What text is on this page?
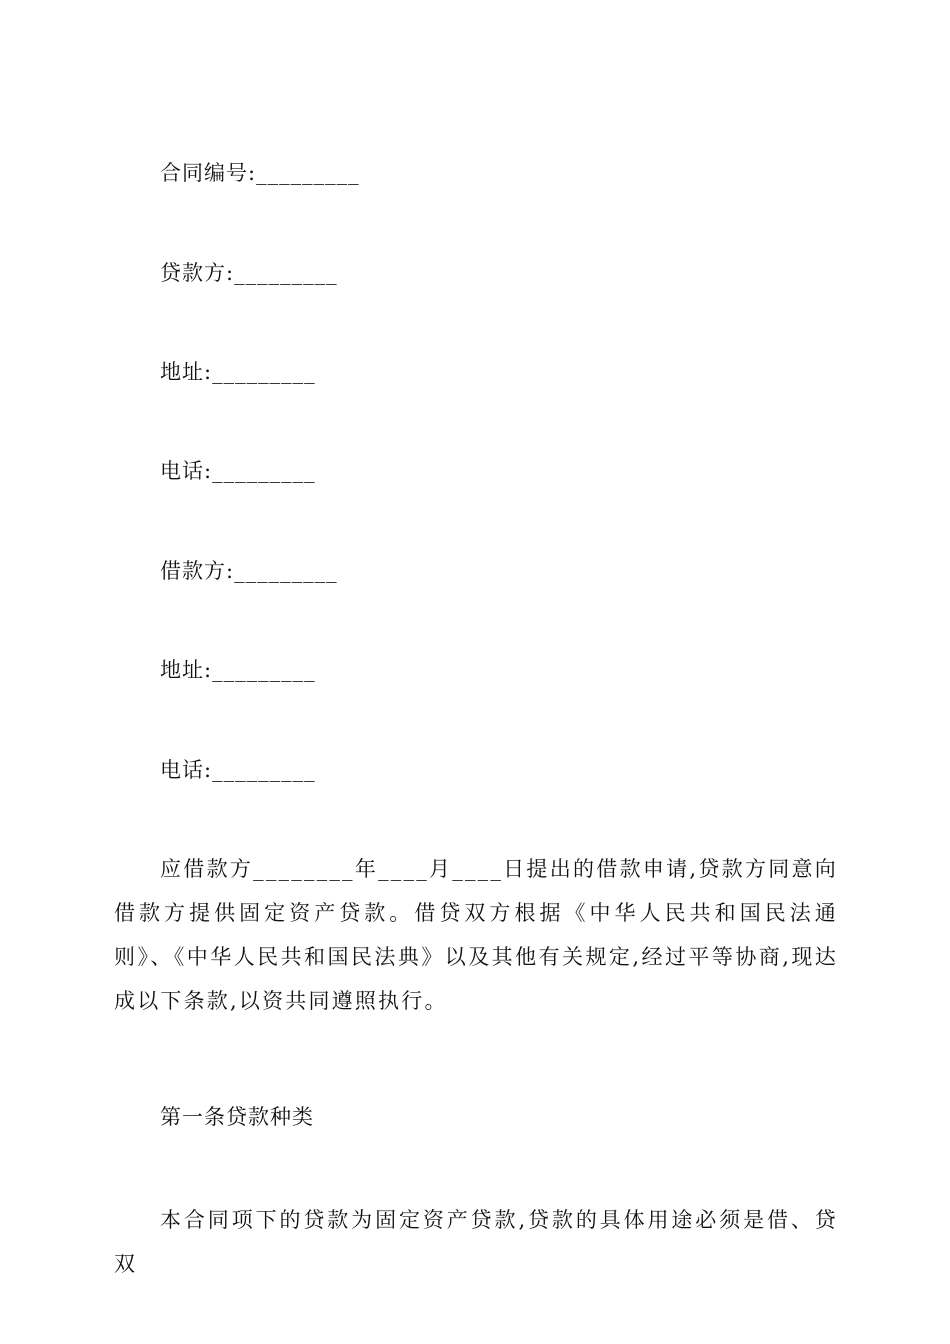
合同编号:_________
贷款方:_________
地址:_________
电话:_________
借款方:_________
地址:_________
电话:_________
应借款方________年____月____日提出的借款申请,贷款方同意向借款方提供固定资产贷款。借贷双方根据《中华人民共和国民法通则》、《中华人民共和国民法典》以及其他有关规定,经过平等协商,现达成以下条款,以资共同遵照执行。
第一条贷款种类
本合同项下的贷款为固定资产贷款,贷款的具体用途必须是借、贷双
